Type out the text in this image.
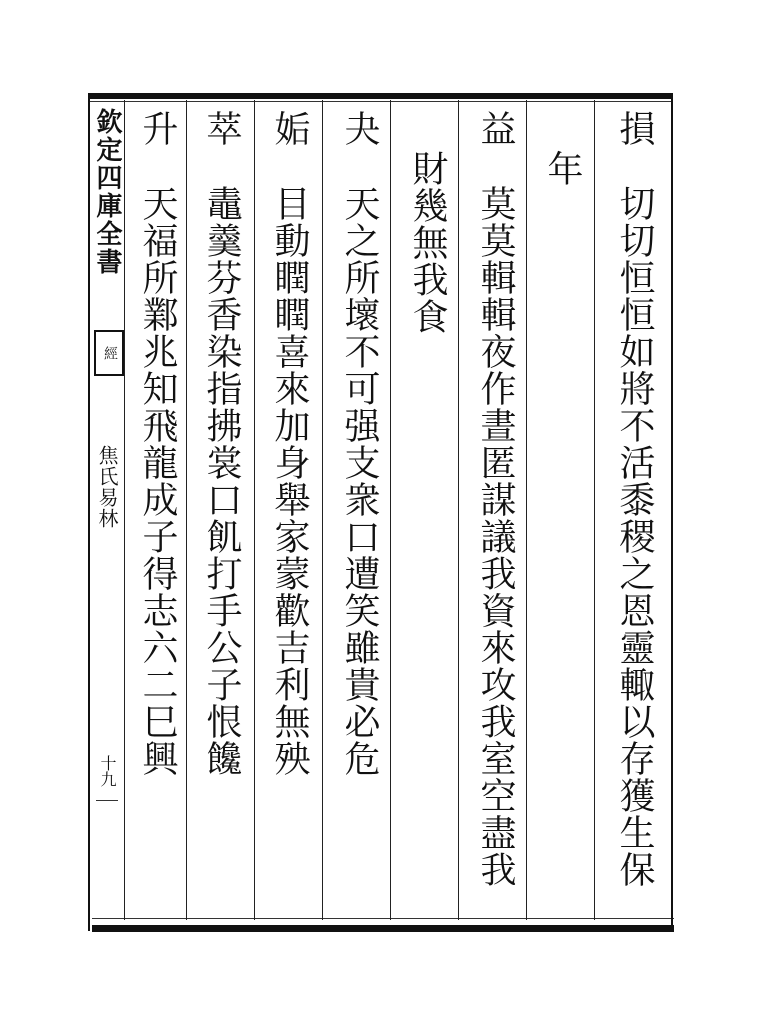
欽定四庫全書
經
焦氏易林
十九
損
切切恒恒如將不活黍稷之恩靈輙以存獲生保
年
益
莫莫輯輯夜作晝匿謀議我資來攻我室空盡我
財幾無我食
夬
天之所壞不可强支衆口遭笑雖貴必危
姤
目動瞤瞤喜來加身舉家蒙歡吉利無殃
萃
鼃羹芬香染指拂裳口飢打手公子恨饞
升
天福所鄴兆知飛龍成子得志六二巳興
